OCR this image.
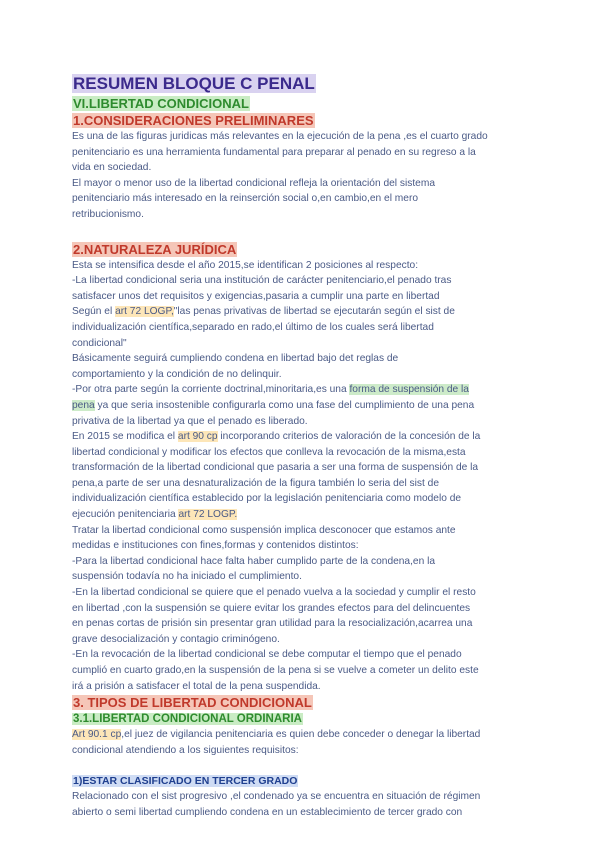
RESUMEN BLOQUE C PENAL
VI.LIBERTAD CONDICIONAL
1.CONSIDERACIONES PRELIMINARES

Es una de las figuras juridicas más relevantes en la ejecución de la pena ,es el cuarto grado

penitenciario es una herramienta fundamental para preparar al penado en su regreso a la

vida en sociedad.

El mayor o menor uso de la libertad condicional refleja la orientación del sistema

penitenciario más interesado en la reinserción social o,en cambio,en el mero

retribucionismo.

2.NATURALEZA JURÍDICA

Esta se intensifica desde el año 2015,se identifican 2 posiciones al respecto:

-La libertad condicional seria una institución de carácter penitenciario,el penado tras

satisfacer unos det requisitos y exigencias,pasaria a cumplir una parte en libertad

Según el art 72 LOGP,"las penas privativas de libertad se ejecutarán según el sist de

individualización científica,separado en rado,el último de los cuales será libertad

condicional"

Básicamente seguirá cumpliendo condena en libertad bajo det reglas de

comportamiento y la condición de no delinquir.

-Por otra parte según la corriente doctrinal,minoritaria,es una forma de suspensión de la

pena ya que seria insostenible configurarla como una fase del cumplimiento de una pena

privativa de la libertad ya que el penado es liberado.

En 2015 se modifica el art 90 cp incorporando criterios de valoración de la concesión de la

libertad condicional y modificar los efectos que conlleva la revocación de la misma,esta

transformación de la libertad condicional que pasaria a ser una forma de suspensión de la

pena,a parte de ser una desnaturalización de la figura también lo seria del sist de

individualización científica establecido por la legislación penitenciaria como modelo de

ejecución penitenciaria art 72 LOGP.

Tratar la libertad condicional como suspensión implica desconocer que estamos ante

medidas e instituciones con fines,formas y contenidos distintos:

-Para la libertad condicional hace falta haber cumplido parte de la condena,en la

suspensión todavía no ha iniciado el cumplimiento.

-En la libertad condicional se quiere que el penado vuelva a la sociedad y cumplir el resto

en libertad ,con la suspensión se quiere evitar los grandes efectos para del delincuentes

en penas cortas de prisión sin presentar gran utilidad para la resocialización,acarrea una

grave desocialización y contagio criminógeno.

-En la revocación de la libertad condicional se debe computar el tiempo que el penado

cumplió en cuarto grado,en la suspensión de la pena si se vuelve a cometer un delito este

irá a prisión a satisfacer el total de la pena suspendida.

3. TIPOS DE LIBERTAD CONDICIONAL
3.1.LIBERTAD CONDICIONAL ORDINARIA

Art 90.1 cp,el juez de vigilancia penitenciaria es quien debe conceder o denegar la libertad

condicional atendiendo a los siguientes requisitos:

1)ESTAR CLASIFICADO EN TERCER GRADO

Relacionado con el sist progresivo ,el condenado ya se encuentra en situación de régimen

abierto o semi libertad cumpliendo condena en un establecimiento de tercer grado con
